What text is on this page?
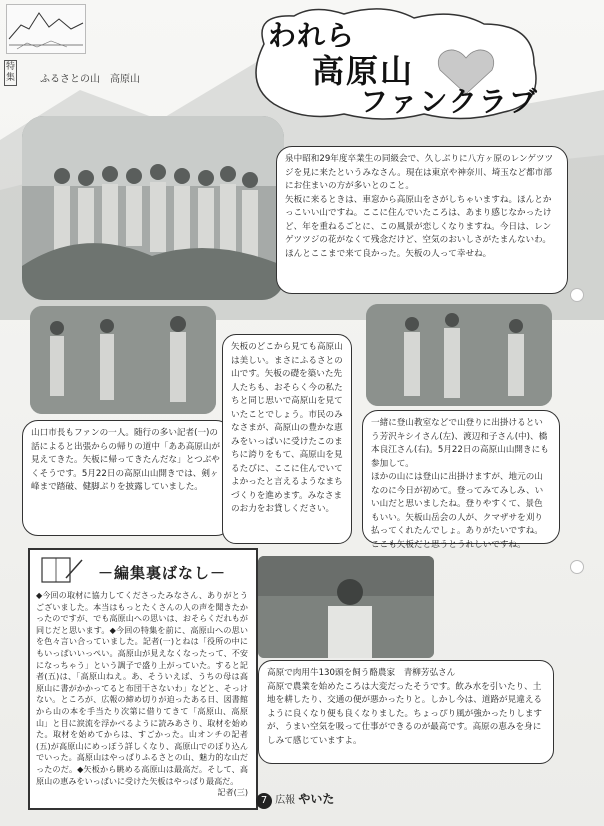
特集	ふるさとの山　高原山
われら
高原山
ファンクラブ
泉中昭和29年度卒業生の同級会で、久しぶりに八方ヶ原のレンゲツツジを見に来たというみなさん。現在は東京や神奈川、埼玉など都市部にお住まいの方が多いとのこと。
矢板に来るときは、車窓から高原山をさがしちゃいますね。ほんとかっこいい山ですね。ここに住んでいたころは、あまり感じなかったけど、年を重ねるごとに、この風景が恋しくなりますね。今日は、レンゲツツジの花がなくて残念だけど、空気のおいしさがたまんないわ。ほんとここまで来て良かった。矢板の人って幸せね。
山口市長もファンの一人。随行の多い記者(一)の話によると出張からの帰りの道中「ああ高原山が見えてきた。矢板に帰ってきたんだな」とつぶやくそうです。5月22日の高原山山開きでは、剣ヶ峰まで踏破、健脚ぶりを披露していました。
矢板のどこから見ても高原山は美しい。まさにふるさとの山です。矢板の礎を築いた先人たちも、おそらく今の私たちと同じ思いで高原山を見ていたことでしょう。市民のみなさまが、高原山の豊かな恵みをいっぱいに受けたこのまちに誇りをもて、高原山を見るたびに、ここに住んでいてよかったと言えるようなまちづくりを進めます。みなさまのお力をお貸しください。
一緒に登山教室などで山登りに出掛けるという芳沢キシイさん(左)、渡辺和子さん(中)、橋本良江さん(右)。5月22日の高原山山開きにも参加して。
ほかの山には登山に出掛けますが、地元の山なのに今日が初めて。登ってみてみしみ、いい山だと思いましたね。登りやすくて、景色もいい。矢板山岳会の人が、クマザサを刈り払ってくれたんでしょ。ありがたいですね。ここも矢板だと思うとうれしいですね。
－編集裏ばなし－
◆今回の取材に協力してくださったみなさん、ありがとうございました。本当はもっとたくさんの人の声を聞きたかったのですが、でも高原山への思いは、おそらくだれもが同じだと思います。◆今回の特集を前に、高原山への思いを色々言い合っていました。記者(一)とねは「役所の中にもいっぱいいっぺい。高原山が見えなくなったって、不安になっちゃう」という調子で盛り上がっていた。すると記者(五)は、「高原山ねえ。あ、そういえば、うちの母は高原山に書がかかってると布団干さないわ」などと、そっけない。ところが、広報の締め切りが迫ったある日、図書館から山の本を手当たり次第に借りてきて「高原山、高原山」と目に涙流を浮かべるように読みあさり、取材を始めた。取材を始めてからは、すごかった。山オンチの記者(五)が高原山にめっぽう詳しくなり、高原山でのぼり込んでいった。高原山はやっぱりふるさとの山、魅力的な山だったのだ。◆矢板から眺める高原山は最高だ。そして、高原山の恵みをいっぱいに受けた矢板はやっぱり最高だ。
記者(三)
高原で肉用牛130頭を飼う酪農家　青柳芳弘さん
高原で農業を始めたころは大変だったそうです。飲み水を引いたり、土地を耕したり、交通の便が悪かったりと。しかし今は、道路が見違えるように良くなり便も良くなりました。ちょっぴり風が強かったりしますが、うまい空気を吸って仕事ができるのが最高です。高原の恵みを身にしみて感じていますよ。
7 広報 やいた
